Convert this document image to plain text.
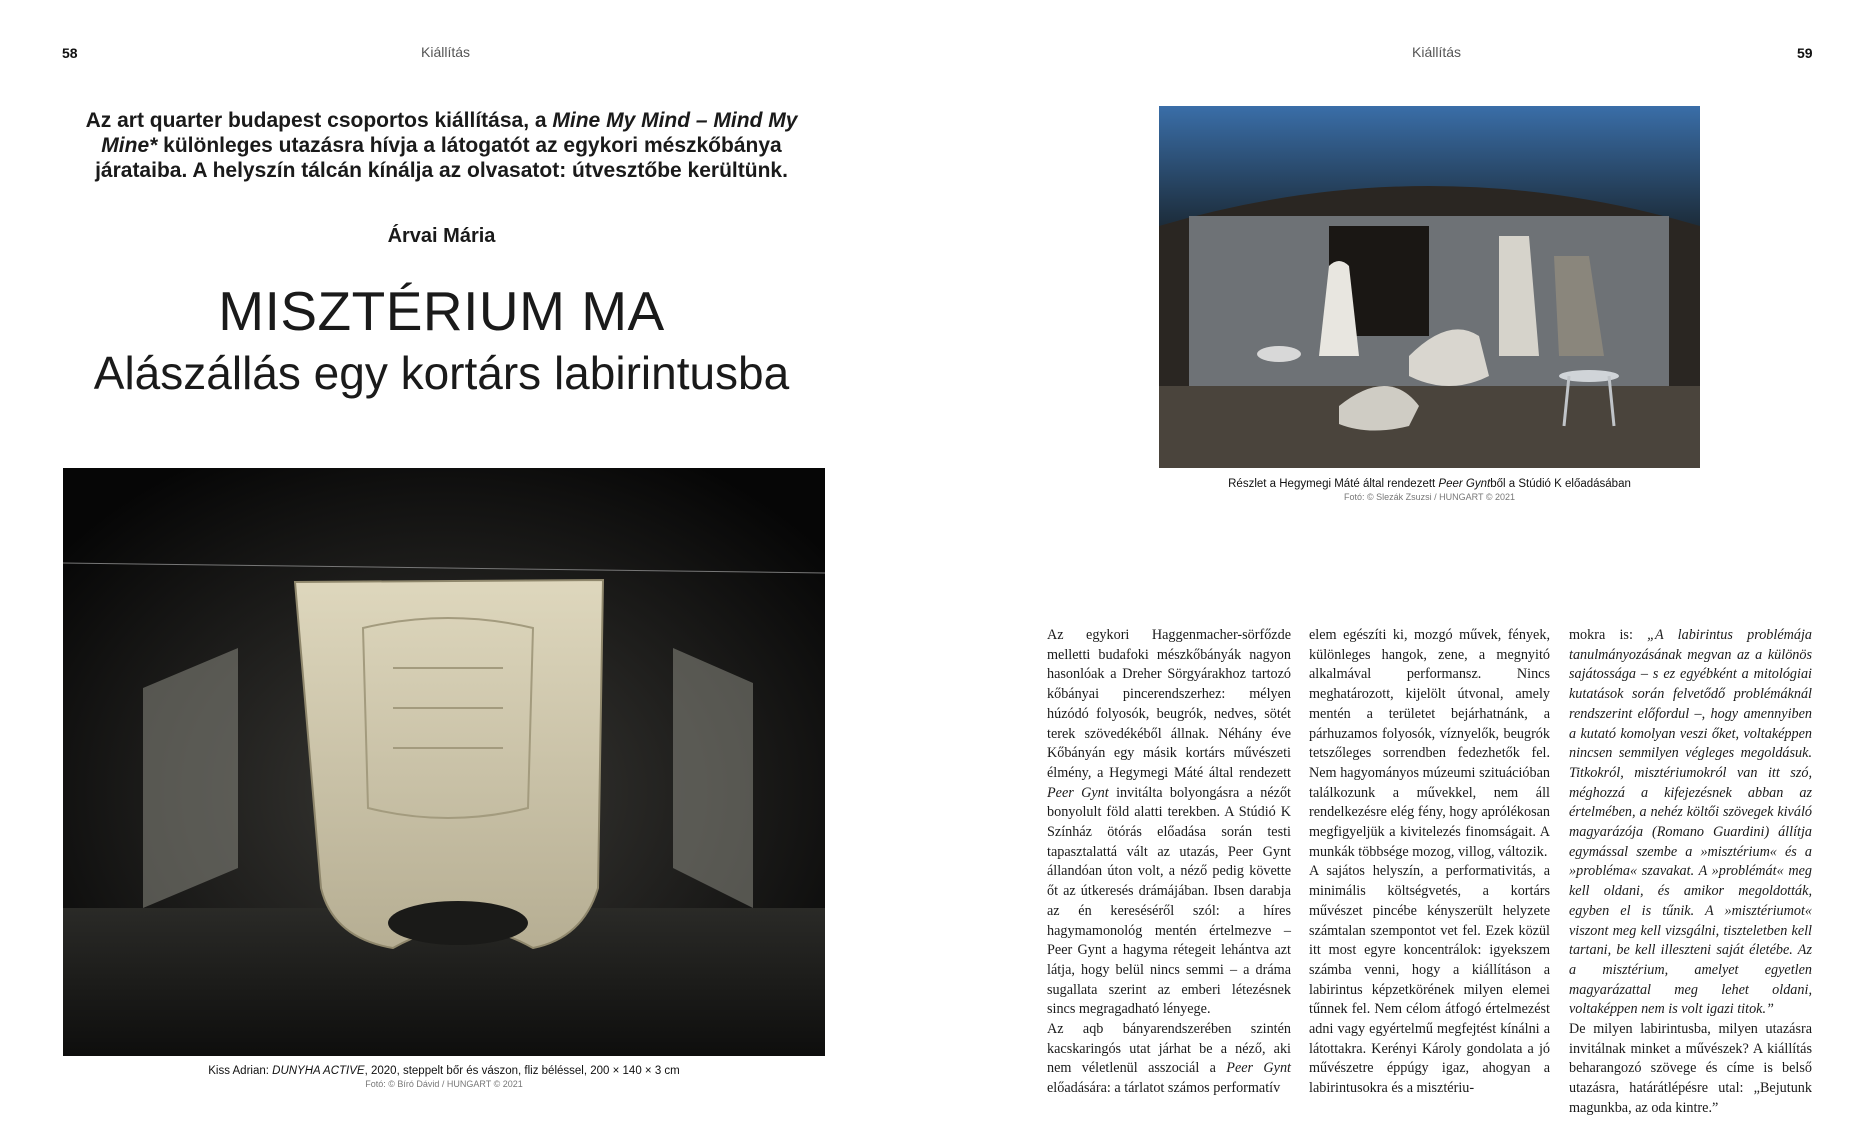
58	Kiállítás	Kiállítás	59
Az art quarter budapest csoportos kiállítása, a Mine My Mind – Mind My Mine* különleges utazásra hívja a látogatót az egykori mészkőbánya járataiba. A helyszín tálcán kínálja az olvasatot: útvesztőbe kerültünk.
Árvai Mária
MISZTÉRIUM MA
Alászállás egy kortárs labirintusba
Kiss Adrian: DUNYHA ACTIVE, 2020, steppelt bőr és vászon, fliz béléssel, 200 × 140 × 3 cm
Fotó: © Bíró Dávid / HUNGART © 2021
Részlet a Hegymegi Máté által rendezett Peer Gyntből a Stúdió K előadásában
Fotó: © Slezák Zsuzsi / HUNGART © 2021

Az egykori Haggenmacher-sörfőzde melletti budafoki mészkőbányák nagyon hasonlóak a Dreher Sörgyárakhoz tartozó kőbányai pincerendszerhez: mélyen húzódó folyosók, beugrók, nedves, sötét terek szövedékéből állnak. Néhány éve Kőbányán egy másik kortárs művészeti élmény, a Hegymegi Máté által rendezett Peer Gynt invitálta bolyongásra a nézőt bonyolult föld alatti terekben. A Stúdió K Színház ötórás előadása során testi tapasztalattá vált az utazás, Peer Gynt állandóan úton volt, a néző pedig követte őt az útkeresés drámájában. Ibsen darabja az én kereséséről szól: a híres hagymamonológ mentén értelmezve – Peer Gynt a hagyma rétegeit lehántva azt látja, hogy belül nincs semmi – a dráma sugallata szerint az emberi létezésnek sincs megragadható lényege.

Az aqb bányarendszerében szintén kacskaringós utat járhat be a néző, aki nem véletlenül asszociál a Peer Gynt előadására: a tárlatot számos performatív

elem egészíti ki, mozgó művek, fények, különleges hangok, zene, a megnyitó alkalmával performansz. Nincs meghatározott, kijelölt útvonal, amely mentén a területet bejárhatnánk, a párhuzamos folyosók, víznyelők, beugrók tetszőleges sorrendben fedezhetők fel. Nem hagyományos múzeumi szituációban találkozunk a művekkel, nem áll rendelkezésre elég fény, hogy aprólékosan megfigyeljük a kivitelezés finomságait. A munkák többsége mozog, villog, változik.

A sajátos helyszín, a performativitás, a minimális költségvetés, a kortárs művészet pincébe kényszerült helyzete számtalan szempontot vet fel. Ezek közül itt most egyre koncentrálok: igyekszem számba venni, hogy a kiállításon a labirintus képzetkörének milyen elemei tűnnek fel. Nem célom átfogó értelmezést adni vagy egyértelmű megfejtést kínálni a látottakra. Kerényi Károly gondolata a jó művészetre éppúgy igaz, ahogyan a labirintusokra és a misztériu-

mokra is: „A labirintus problémája tanulmányozásának megvan az a különös sajátossága – s ez egyébként a mitológiai kutatások során felvetődő problémáknál rendszerint előfordul –, hogy amennyiben a kutató komolyan veszi őket, voltaképpen nincsen semmilyen végleges megoldásuk. Titkokról, misztériumokról van itt szó, méghozzá a kifejezésnek abban az értelmében, a nehéz költői szövegek kiváló magyarázója (Romano Guardini) állítja egymással szembe a »misztérium« és a »probléma« szavakat. A »problémát« meg kell oldani, és amikor megoldották, egyben el is tűnik. A »misztériumot« viszont meg kell vizsgálni, tiszteletben kell tartani, be kell illeszteni saját életébe. Az a misztérium, amelyet egyetlen magyarázattal meg lehet oldani, voltaképpen nem is volt igazi titok.”

De milyen labirintusba, milyen utazásra invitálnak minket a művészek? A kiállítás beharangozó szövege és címe is belső utazásra, határátlépésre utal: „Bejutunk magunkba, az oda kintre.”
